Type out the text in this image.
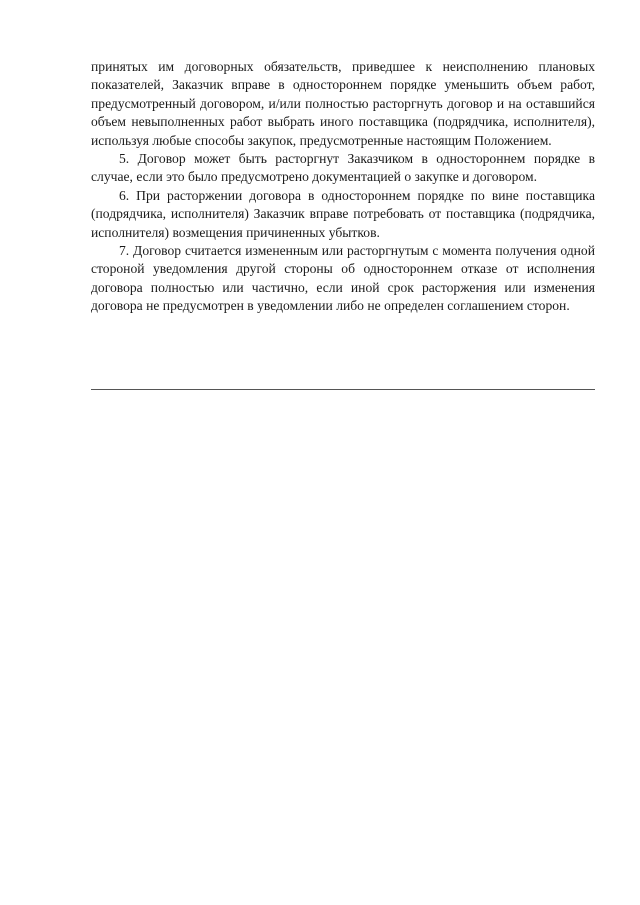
принятых им договорных обязательств, приведшее к неисполнению плановых показателей, Заказчик вправе в одностороннем порядке уменьшить объем работ, предусмотренный договором, и/или полностью расторгнуть договор и на оставшийся объем невыполненных работ выбрать иного поставщика (подрядчика, исполнителя), используя любые способы закупок, предусмотренные настоящим Положением.

5. Договор может быть расторгнут Заказчиком в одностороннем порядке в случае, если это было предусмотрено документацией о закупке и договором.

6. При расторжении договора в одностороннем порядке по вине поставщика (подрядчика, исполнителя) Заказчик вправе потребовать от поставщика (подрядчика, исполнителя) возмещения причиненных убытков.

7. Договор считается измененным или расторгнутым с момента получения одной стороной уведомления другой стороны об одностороннем отказе от исполнения договора полностью или частично, если иной срок расторжения или изменения договора не предусмотрен в уведомлении либо не определен соглашением сторон.
